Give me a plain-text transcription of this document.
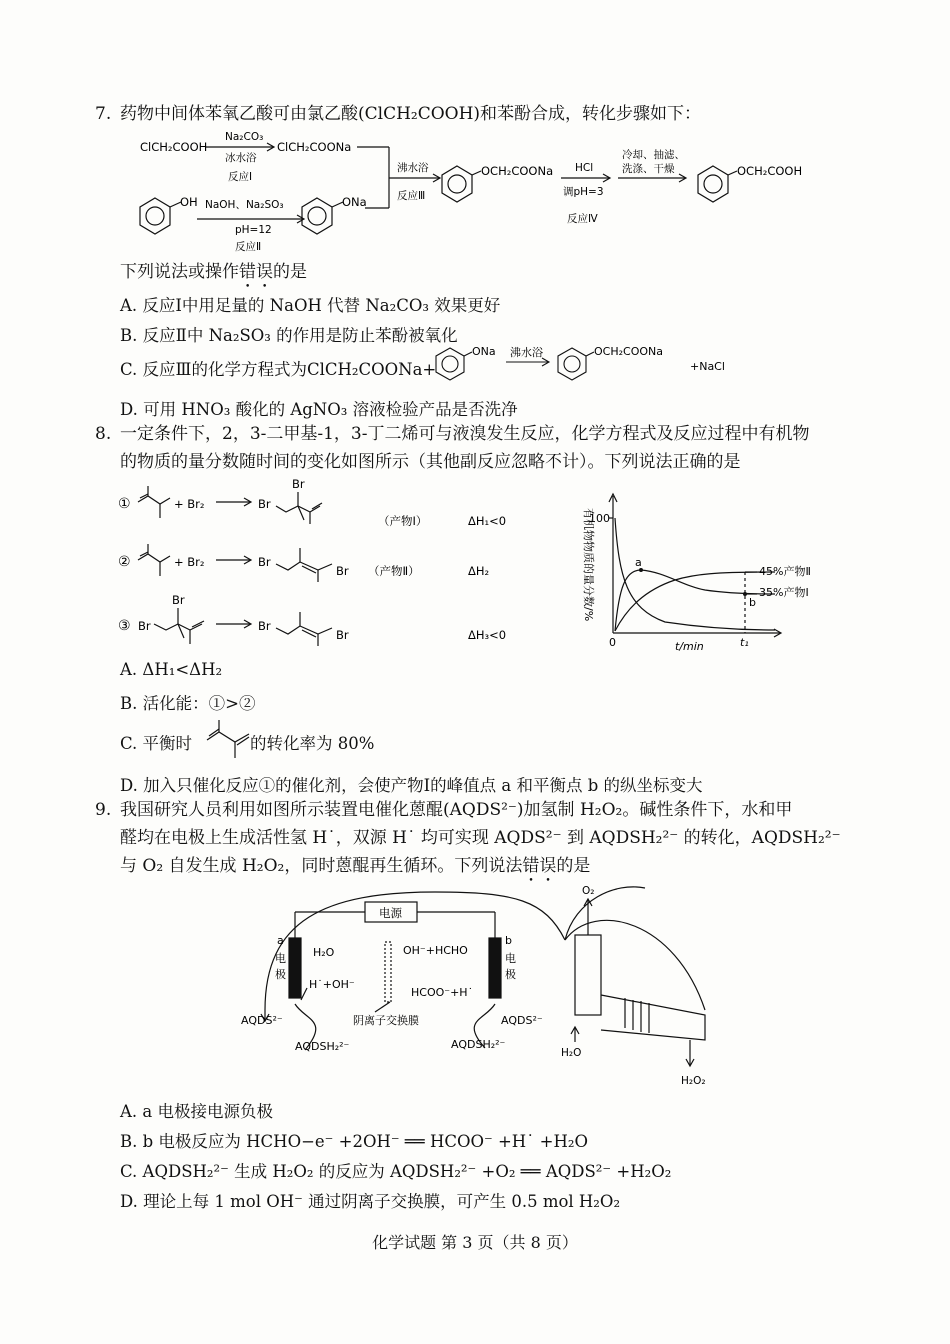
7. 药物中间体苯氧乙酸可由氯乙酸(ClCH₂COOH)和苯酚合成，转化步骤如下：
ClCH₂COOH
Na₂CO₃
冰水浴
反应Ⅰ
ClCH₂COONa
OH NaOH、Na₂SO₃
pH=12
反应Ⅱ
ONa
沸水浴
反应Ⅲ
OCH₂COONa HCl
调pH=3
反应Ⅳ
冷却、抽滤、
洗涤、干燥	OCH₂COOH
下列说法或操作错误的是
A. 反应Ⅰ中用足量的 NaOH 代替 Na₂CO₃ 效果更好
B. 反应Ⅱ中 Na₂SO₃ 的作用是防止苯酚被氧化
C. 反应Ⅲ的化学方程式为ClCH₂COONa+
ONa 沸水浴	OCH₂COONa
+NaCl
D. 可用 HNO₃ 酸化的 AgNO₃ 溶液检验产品是否洗净
8. 一定条件下，2，3-二甲基-1，3-丁二烯可与液溴发生反应，化学方程式及反应过程中有机物
的物质的量分数随时间的变化如图所示（其他副反应忽略不计）。下列说法正确的是
①	+ Br₂	Br
Br
（产物Ⅰ）	ΔH₁<0
②	+ Br₂	Br
Br （产物Ⅱ）	ΔH₂
③ Br
Br
Br
Br	ΔH₃<0
有机物物质的量分数/%
100
0	t/min	t₁
a
b
45%产物Ⅱ
35%产物Ⅰ
A. ΔH₁<ΔH₂
B. 活化能：①>②
C. 平衡时	的转化率为 80%
D. 加入只催化反应①的催化剂，会使产物Ⅰ的峰值点 a 和平衡点 b 的纵坐标变大
9. 我国研究人员利用如图所示装置电催化蒽醌(AQDS²⁻)加氢制 H₂O₂。碱性条件下，水和甲
醛均在电极上生成活性氢 H˙，双源 H˙ 均可实现 AQDS²⁻ 到 AQDSH₂²⁻ 的转化，AQDSH₂²⁻
与 O₂ 自发生成 H₂O₂，同时蒽醌再生循环。下列说法错误的是
电源
a
电
极
b
电
极
H₂O
H˙+OH⁻
OH⁻+HCHO
HCOO⁻+H˙
阴离子交换膜
AQDS²⁻
AQDSH₂²⁻
AQDS²⁻
AQDSH₂²⁻
O₂
H₂O
H₂O₂
A. a 电极接电源负极
B. b 电极反应为 HCHO−e⁻ +2OH⁻ ══ HCOO⁻ +H˙ +H₂O
C. AQDSH₂²⁻ 生成 H₂O₂ 的反应为 AQDSH₂²⁻ +O₂ ══ AQDS²⁻ +H₂O₂
D. 理论上每 1 mol OH⁻ 通过阴离子交换膜，可产生 0.5 mol H₂O₂
化学试题 第 3 页（共 8 页）
